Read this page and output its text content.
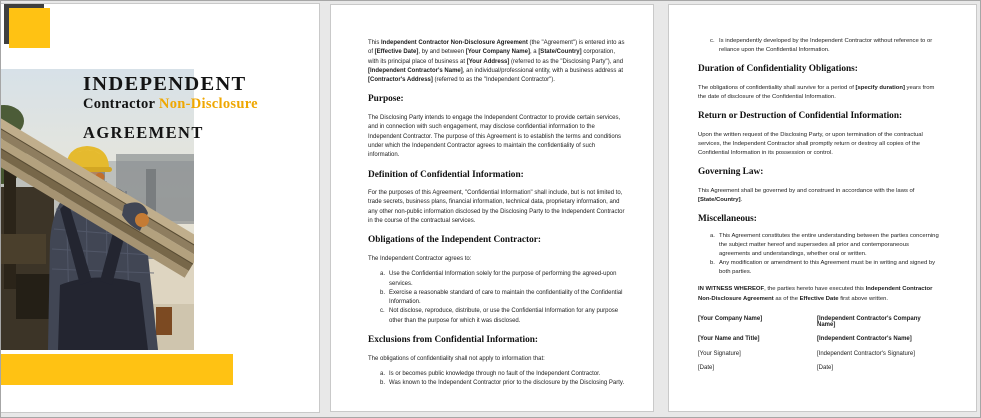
INDEPENDENT
Contractor Non-Disclosure
AGREEMENT
This Independent Contractor Non-Disclosure Agreement (the "Agreement") is entered into as of [Effective Date], by and between [Your Company Name], a [State/Country] corporation, with its principal place of business at [Your Address] (referred to as the "Disclosing Party"), and [Independent Contractor's Name], an individual/professional entity, with a business address at [Contractor's Address] (referred to as the "Independent Contractor").
Purpose:
The Disclosing Party intends to engage the Independent Contractor to provide certain services, and in connection with such engagement, may disclose confidential information to the Independent Contractor. The purpose of this Agreement is to establish the terms and conditions under which the Independent Contractor agrees to maintain the confidentiality of such information.
Definition of Confidential Information:
For the purposes of this Agreement, "Confidential Information" shall include, but is not limited to, trade secrets, business plans, financial information, technical data, proprietary information, and any other non-public information disclosed by the Disclosing Party to the Independent Contractor in the course of the contractual services.
Obligations of the Independent Contractor:
The Independent Contractor agrees to:
a. Use the Confidential Information solely for the purpose of performing the agreed-upon services.
b. Exercise a reasonable standard of care to maintain the confidentiality of the Confidential Information.
c. Not disclose, reproduce, distribute, or use the Confidential Information for any purpose other than the purpose for which it was disclosed.
Exclusions from Confidential Information:
The obligations of confidentiality shall not apply to information that:
a. Is or becomes public knowledge through no fault of the Independent Contractor.
b. Was known to the Independent Contractor prior to the disclosure by the Disclosing Party.
c. Is independently developed by the Independent Contractor without reference to or reliance upon the Confidential Information.
Duration of Confidentiality Obligations:
The obligations of confidentiality shall survive for a period of [specify duration] years from the date of disclosure of the Confidential Information.
Return or Destruction of Confidential Information:
Upon the written request of the Disclosing Party, or upon termination of the contractual services, the Independent Contractor shall promptly return or destroy all copies of the Confidential Information in its possession or control.
Governing Law:
This Agreement shall be governed by and construed in accordance with the laws of [State/Country].
Miscellaneous:
a. This Agreement constitutes the entire understanding between the parties concerning the subject matter hereof and supersedes all prior and contemporaneous agreements and understandings, whether oral or written.
b. Any modification or amendment to this Agreement must be in writing and signed by both parties.
IN WITNESS WHEREOF, the parties hereto have executed this Independent Contractor Non-Disclosure Agreement as of the Effective Date first above written.
[Your Company Name]	[Independent Contractor's Company Name]
[Your Name and Title]	[Independent Contractor's Name]
[Your Signature]	[Independent Contractor's Signature]
[Date]	[Date]
